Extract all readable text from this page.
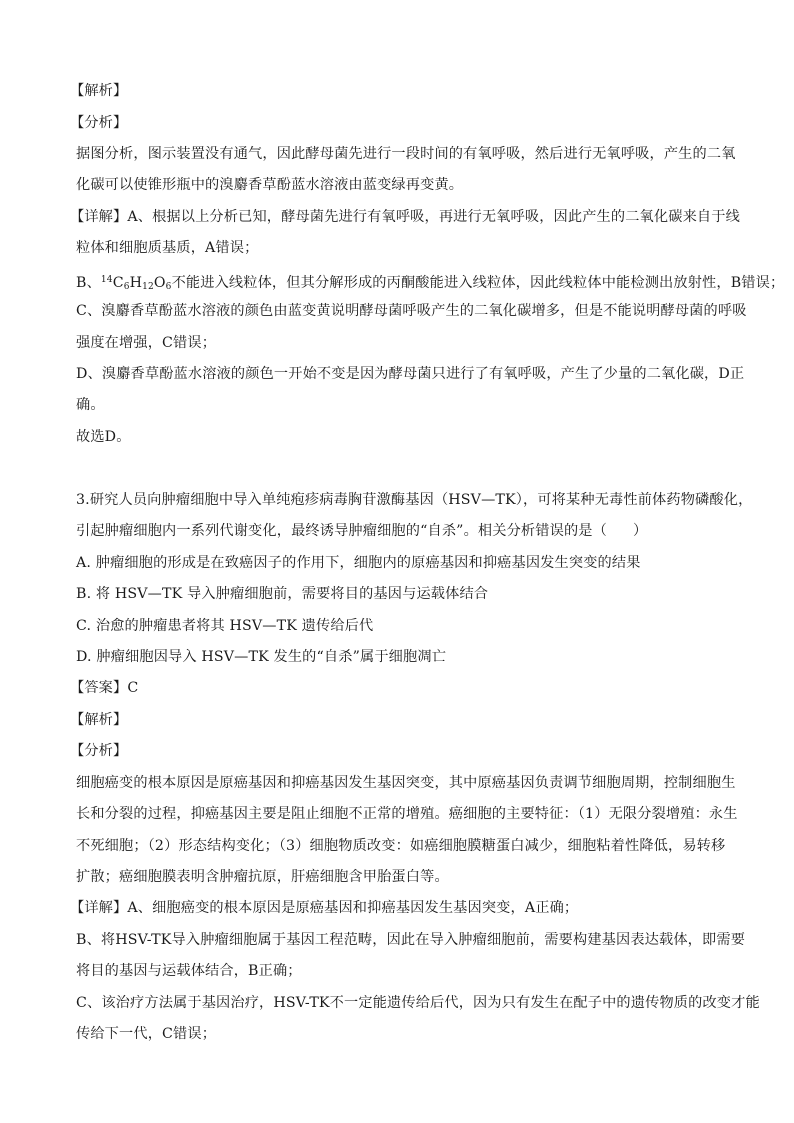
【解析】
【分析】
据图分析，图示装置没有通气，因此酵母菌先进行一段时间的有氧呼吸，然后进行无氧呼吸，产生的二氧
化碳可以使锥形瓶中的溴麝香草酚蓝水溶液由蓝变绿再变黄。
【详解】A、根据以上分析已知，酵母菌先进行有氧呼吸，再进行无氧呼吸，因此产生的二氧化碳来自于线
粒体和细胞质基质，A错误；
B、$^{14}C_6H_{12}O_6$不能进入线粒体，但其分解形成的丙酮酸能进入线粒体，因此线粒体中能检测出放射性，B错误；
C、溴麝香草酚蓝水溶液的颜色由蓝变黄说明酵母菌呼吸产生的二氧化碳增多，但是不能说明酵母菌的呼吸
强度在增强，C错误；
D、溴麝香草酚蓝水溶液的颜色一开始不变是因为酵母菌只进行了有氧呼吸，产生了少量的二氧化碳，D正
确。
故选D。
3.研究人员向肿瘤细胞中导入单纯疱疹病毒胸苷激酶基因（HSV—TK），可将某种无毒性前体药物磷酸化，
引起肿瘤细胞内一系列代谢变化，最终诱导肿瘤细胞的“自杀”。相关分析错误的是（ ）
A. 肿瘤细胞的形成是在致癌因子的作用下，细胞内的原癌基因和抑癌基因发生突变的结果
B. 将 HSV—TK 导入肿瘤细胞前，需要将目的基因与运载体结合
C. 治愈的肿瘤患者将其 HSV—TK 遗传给后代
D. 肿瘤细胞因导入 HSV—TK 发生的“自杀”属于细胞凋亡
【答案】C
【解析】
【分析】
细胞癌变的根本原因是原癌基因和抑癌基因发生基因突变，其中原癌基因负责调节细胞周期，控制细胞生
长和分裂的过程，抑癌基因主要是阻止细胞不正常的增殖。癌细胞的主要特征：（1）无限分裂增殖：永生
不死细胞；（2）形态结构变化；（3）细胞物质改变：如癌细胞膜糖蛋白减少，细胞粘着性降低，易转移
扩散；癌细胞膜表明含肿瘤抗原，肝癌细胞含甲胎蛋白等。
【详解】A、细胞癌变的根本原因是原癌基因和抑癌基因发生基因突变，A正确；
B、将HSV-TK导入肿瘤细胞属于基因工程范畴，因此在导入肿瘤细胞前，需要构建基因表达载体，即需要
将目的基因与运载体结合，B正确；
C、该治疗方法属于基因治疗，HSV-TK不一定能遗传给后代，因为只有发生在配子中的遗传物质的改变才能
传给下一代，C错误；
